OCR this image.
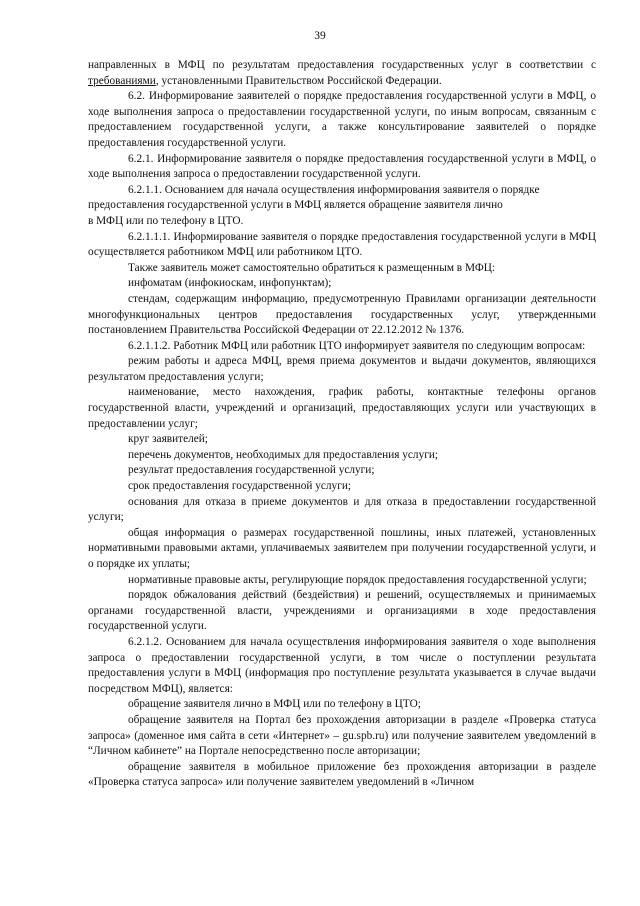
39

направленных в МФЦ по результатам предоставления государственных услуг в соответствии с требованиями, установленными Правительством Российской Федерации.

6.2. Информирование заявителей о порядке предоставления государственной услуги в МФЦ, о ходе выполнения запроса о предоставлении государственной услуги, по иным вопросам, связанным с предоставлением государственной услуги, а также консультирование заявителей о порядке предоставления государственной услуги.

6.2.1. Информирование заявителя о порядке предоставления государственной услуги в МФЦ, о ходе выполнения запроса о предоставлении государственной услуги.

6.2.1.1. Основанием для начала осуществления информирования заявителя о порядке предоставления государственной услуги в МФЦ является обращение заявителя лично

в МФЦ или по телефону в ЦТО.

6.2.1.1.1. Информирование заявителя о порядке предоставления государственной услуги в МФЦ осуществляется работником МФЦ или работником ЦТО.

Также заявитель может самостоятельно обратиться к размещенным в МФЦ:

инфоматам (инфокиоскам, инфопунктам);

стендам, содержащим информацию, предусмотренную Правилами организации деятельности многофункциональных центров предоставления государственных услуг, утвержденными постановлением Правительства Российской Федерации от 22.12.2012 № 1376.

6.2.1.1.2. Работник МФЦ или работник ЦТО информирует заявителя по следующим вопросам:

режим работы и адреса МФЦ, время приема документов и выдачи документов, являющихся результатом предоставления услуги;

наименование, место нахождения, график работы, контактные телефоны органов государственной власти, учреждений и организаций, предоставляющих услуги или участвующих в предоставлении услуг;

круг заявителей;

перечень документов, необходимых для предоставления услуги;

результат предоставления государственной услуги;

срок предоставления государственной услуги;

основания для отказа в приеме документов и для отказа в предоставлении государственной услуги;

общая информация о размерах государственной пошлины, иных платежей, установленных нормативными правовыми актами, уплачиваемых заявителем при получении государственной услуги, и о порядке их уплаты;

нормативные правовые акты, регулирующие порядок предоставления государственной услуги;

порядок обжалования действий (бездействия) и решений, осуществляемых и принимаемых органами государственной власти, учреждениями и организациями в ходе предоставления государственной услуги.

6.2.1.2. Основанием для начала осуществления информирования заявителя о ходе выполнения запроса о предоставлении государственной услуги, в том числе о поступлении результата предоставления услуги в МФЦ (информация про поступление результата указывается в случае выдачи посредством МФЦ), является:

обращение заявителя лично в МФЦ или по телефону в ЦТО;

обращение заявителя на Портал без прохождения авторизации в разделе «Проверка статуса запроса» (доменное имя сайта в сети «Интернет» – gu.spb.ru) или получение заявителем уведомлений в “Личном кабинете” на Портале непосредственно после авторизации;

обращение заявителя в мобильное приложение без прохождения авторизации в разделе «Проверка статуса запроса» или получение заявителем уведомлений в «Личном
